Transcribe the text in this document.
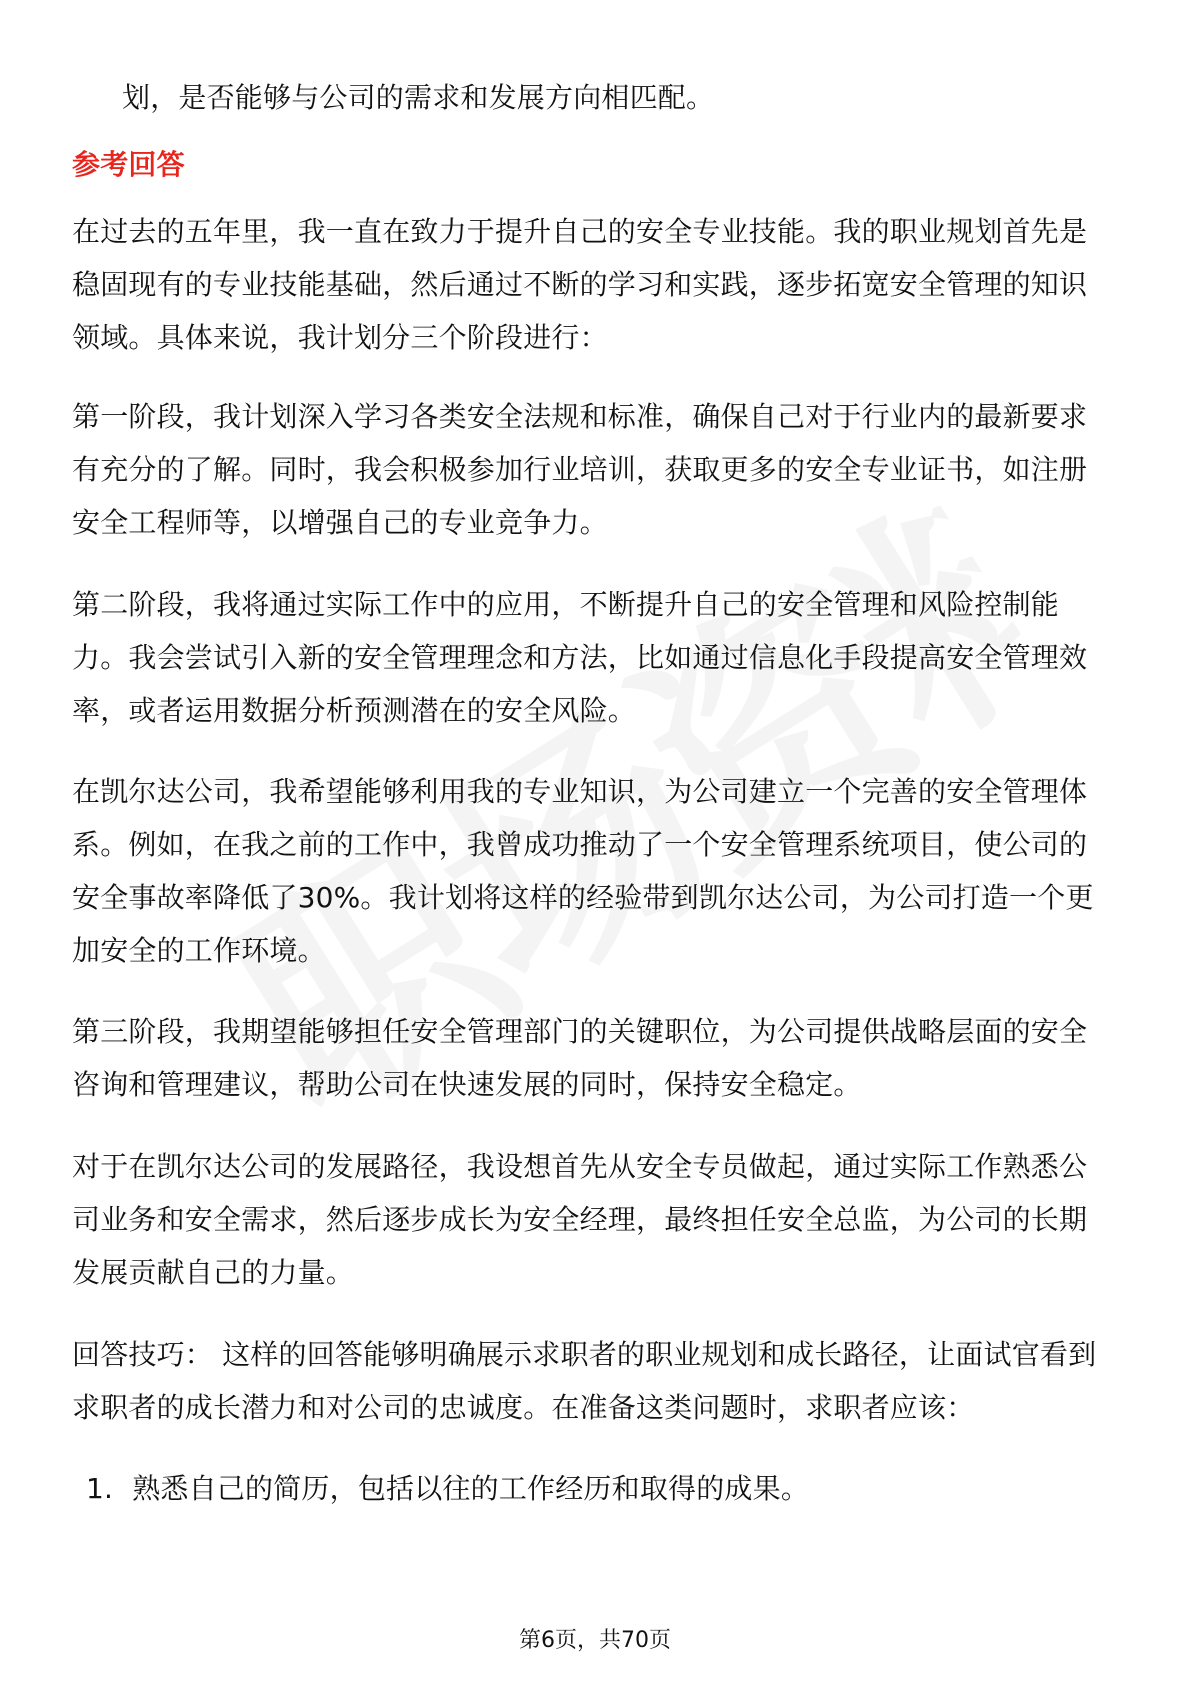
划，是否能够与公司的需求和发展方向相匹配。
参考回答
在过去的五年里，我一直在致力于提升自己的安全专业技能。我的职业规划首先是
稳固现有的专业技能基础，然后通过不断的学习和实践，逐步拓宽安全管理的知识
领域。具体来说，我计划分三个阶段进行：
第一阶段，我计划深入学习各类安全法规和标准，确保自己对于行业内的最新要求
有充分的了解。同时，我会积极参加行业培训，获取更多的安全专业证书，如注册
安全工程师等，以增强自己的专业竞争力。
第二阶段，我将通过实际工作中的应用，不断提升自己的安全管理和风险控制能
力。我会尝试引入新的安全管理理念和方法，比如通过信息化手段提高安全管理效
率，或者运用数据分析预测潜在的安全风险。
在凯尔达公司，我希望能够利用我的专业知识，为公司建立一个完善的安全管理体
系。例如，在我之前的工作中，我曾成功推动了一个安全管理系统项目，使公司的
安全事故率降低了30%。我计划将这样的经验带到凯尔达公司，为公司打造一个更
加安全的工作环境。
第三阶段，我期望能够担任安全管理部门的关键职位，为公司提供战略层面的安全
咨询和管理建议，帮助公司在快速发展的同时，保持安全稳定。
对于在凯尔达公司的发展路径，我设想首先从安全专员做起，通过实际工作熟悉公
司业务和安全需求，然后逐步成长为安全经理，最终担任安全总监，为公司的长期
发展贡献自己的力量。
回答技巧： 这样的回答能够明确展示求职者的职业规划和成长路径，让面试官看到
求职者的成长潜力和对公司的忠诚度。在准备这类问题时，求职者应该：
1. 熟悉自己的简历，包括以往的工作经历和取得的成果。
第6页，共70页
